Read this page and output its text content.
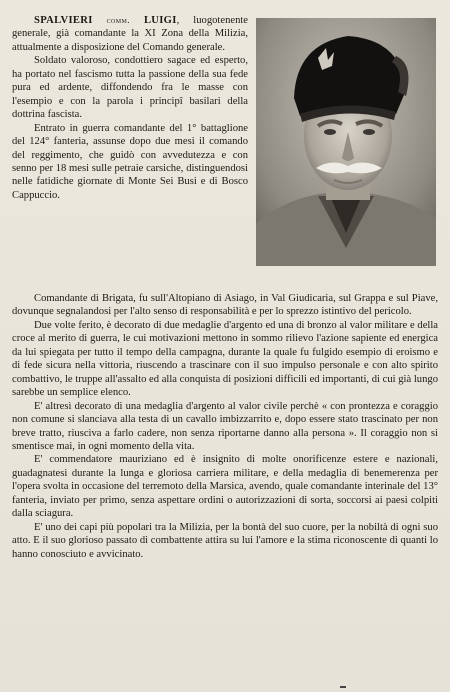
SPALVIERI comm. LUIGI, luogotenente generale, già comandante la XI Zona della Milizia, attualmente a disposizione del Comando generale.

Soldato valoroso, condottiero sagace ed esperto, ha portato nel fascismo tutta la passione della sua fede pura ed ardente, diffondendo fra le masse con l'esempio e con la parola i principî basilari della dottrina fascista.

Entrato in guerra comandante del 1° battaglione del 124° fanteria, assunse dopo due mesi il comando del reggimento, che guidò con avvedutezza e con senno per 18 mesi sulle petraie carsiche, distinguendosi nelle fatidiche giornate di Monte Sei Busi e di Bosco Cappuccio.

Comandante di Brigata, fu sull'Altopiano di Asiago, in Val Giudicaria, sul Grappa e sul Piave, dovunque segnalandosi per l'alto senso di responsabilità e per lo sprezzo istintivo del pericolo.

Due volte ferito, è decorato di due medaglie d'argento ed una di bronzo al valor militare e della croce al merito di guerra, le cui motivazioni mettono in sommo rilievo l'azione sapiente ed energica da lui spiegata per tutto il tempo della campagna, durante la quale fu fulgido esempio di eroismo e di fede sicura nella vittoria, riuscendo a trascinare con il suo impulso personale e con alto spirito combattivo, le truppe all'assalto ed alla conquista di posizioni difficili ed importanti, di cui già lungo sarebbe un semplice elenco.

E' altresì decorato di una medaglia d'argento al valor civile perchè « con prontezza e coraggio non comune si slanciava alla testa di un cavallo imbizzarrito e, dopo essere stato trascinato per non breve tratto, riusciva a farlo cadere, non senza riportarne danno alla persona ». Il coraggio non si smentisce mai, in ogni momento della vita.

E' commendatore mauriziano ed è insignito di molte onorificenze estere e nazionali, guadagnatesi durante la lunga e gloriosa carriera militare, e della medaglia di benemerenza per l'opera svolta in occasione del terremoto della Marsica, avendo, quale comandante interinale del 13° fanteria, inviato per primo, senza aspettare ordini o autorizzazioni di sorta, soccorsi ai paesi colpiti dalla sciagura.

E' uno dei capi più popolari tra la Milizia, per la bontà del suo cuore, per la nobiltà di ogni suo atto. E il suo glorioso passato di combattente attira su lui l'amore e la stima riconoscente di quanti lo hanno conosciuto e avvicinato.
